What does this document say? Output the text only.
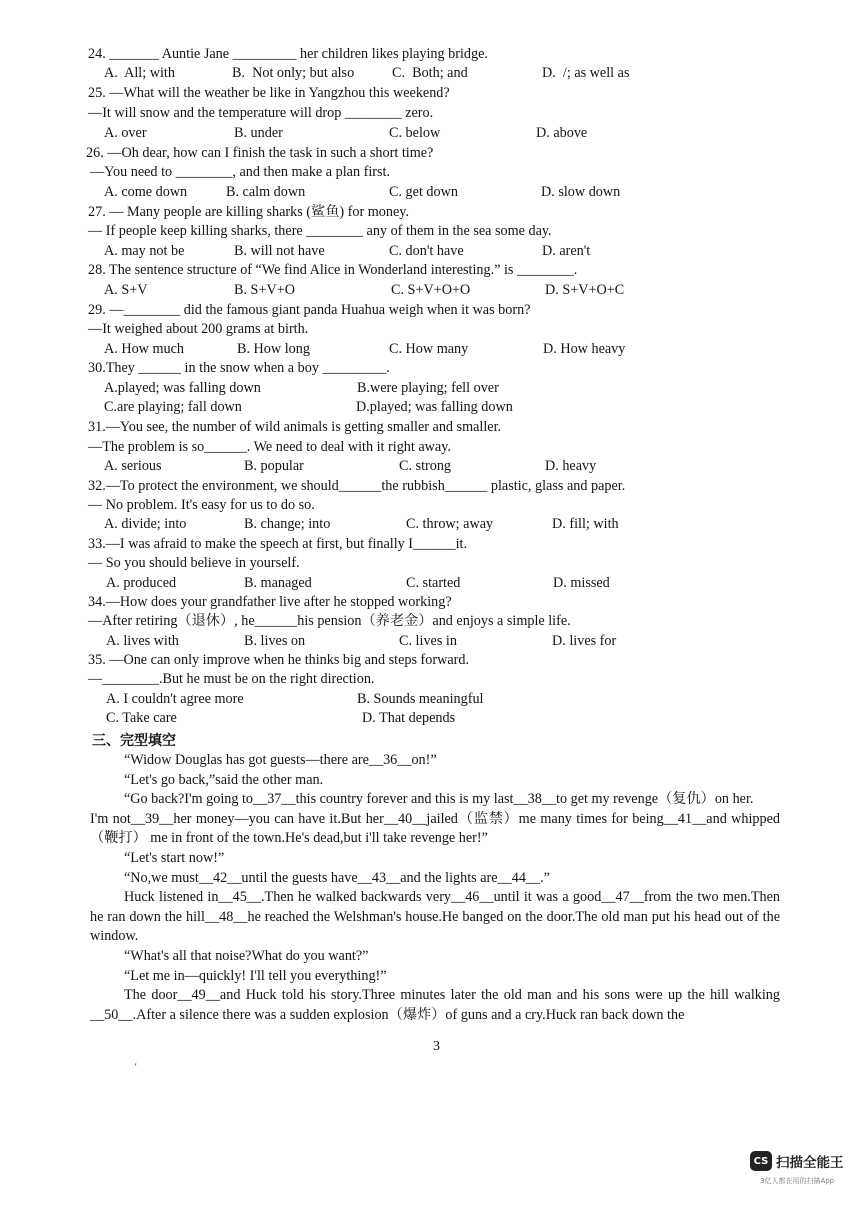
24. _______ Auntie Jane _________ her children likes playing bridge.
A.  All; with	B.  Not only; but also	C.  Both; and	D.  /; as well as
25. —What will the weather be like in Yangzhou this weekend?
—It will snow and the temperature will drop ________ zero.
A. over	B. under	C. below	D. above
26. —Oh dear, how can I finish the task in such a short time?
—You need to ________, and then make a plan first.
A. come down	B. calm down	C. get down	D. slow down
27. — Many people are killing sharks (鲨鱼) for money.
— If people keep killing sharks, there ________ any of them in the sea some day.
A. may not be	B. will not have	C. don't have	D. aren't
28. The sentence structure of “We find Alice in Wonderland interesting.” is ________.
A. S+V	B. S+V+O	C. S+V+O+O	D. S+V+O+C
29. —________ did the famous giant panda Huahua weigh when it was born?
—It weighed about 200 grams at birth.
A. How much	B. How long	C. How many	D. How heavy
30.They ______ in the snow when a boy _________.
A.played; was falling down	B.were playing; fell over
C.are playing; fall down	D.played; was falling down
31.—You see, the number of wild animals is getting smaller and smaller.
—The problem is so______. We need to deal with it right away.
A. serious	B. popular	C. strong	D. heavy
32.—To protect the environment, we should______the rubbish______ plastic, glass and paper.
— No problem. It's easy for us to do so.
A. divide; into	B. change; into	C. throw; away	D. fill; with
33.—I was afraid to make the speech at first, but finally I______it.
— So you should believe in yourself.
A. produced	B. managed	C. started	D. missed
34.—How does your grandfather live after he stopped working?
—After retiring（退休）, he______his pension（养老金）and enjoys a simple life.
A. lives with	B. lives on	C. lives in	D. lives for
35. —One can only improve when he thinks big and steps forward.
—________.But he must be on the right direction.
A. I couldn't agree more	B. Sounds meaningful
C. Take care	D. That depends
三、完型填空

“Widow Douglas has got guests—there are__36__on!”

“Let's go back,”said the other man.

“Go back?I'm going to__37__this country forever and this is my last__38__to get my revenge（复仇）on her.

I'm not__39__her money—you can have it.But her__40__jailed（监禁）me many times for being__41__and whipped（鞭打） me in front of the town.He's dead,but i'll take revenge her!”

“Let's start now!”

“No,we must__42__until the guests have__43__and the lights are__44__.”

Huck listened in__45__.Then he walked backwards very__46__until it was a good__47__from the two men.Then he ran down the hill__48__he reached the Welshman's house.He banged on the door.The old man put his head out of the window.

“What's all that noise?What do you want?”

“Let me in—quickly! I'll tell you everything!”

The door__49__and Huck told his story.Three minutes later the old man and his sons were up the hill walking __50__.After a silence there was a sudden explosion（爆炸）of guns and a cry.Huck ran back down the

3
‘
CS 扫描全能王
3亿人都在用的扫描App
